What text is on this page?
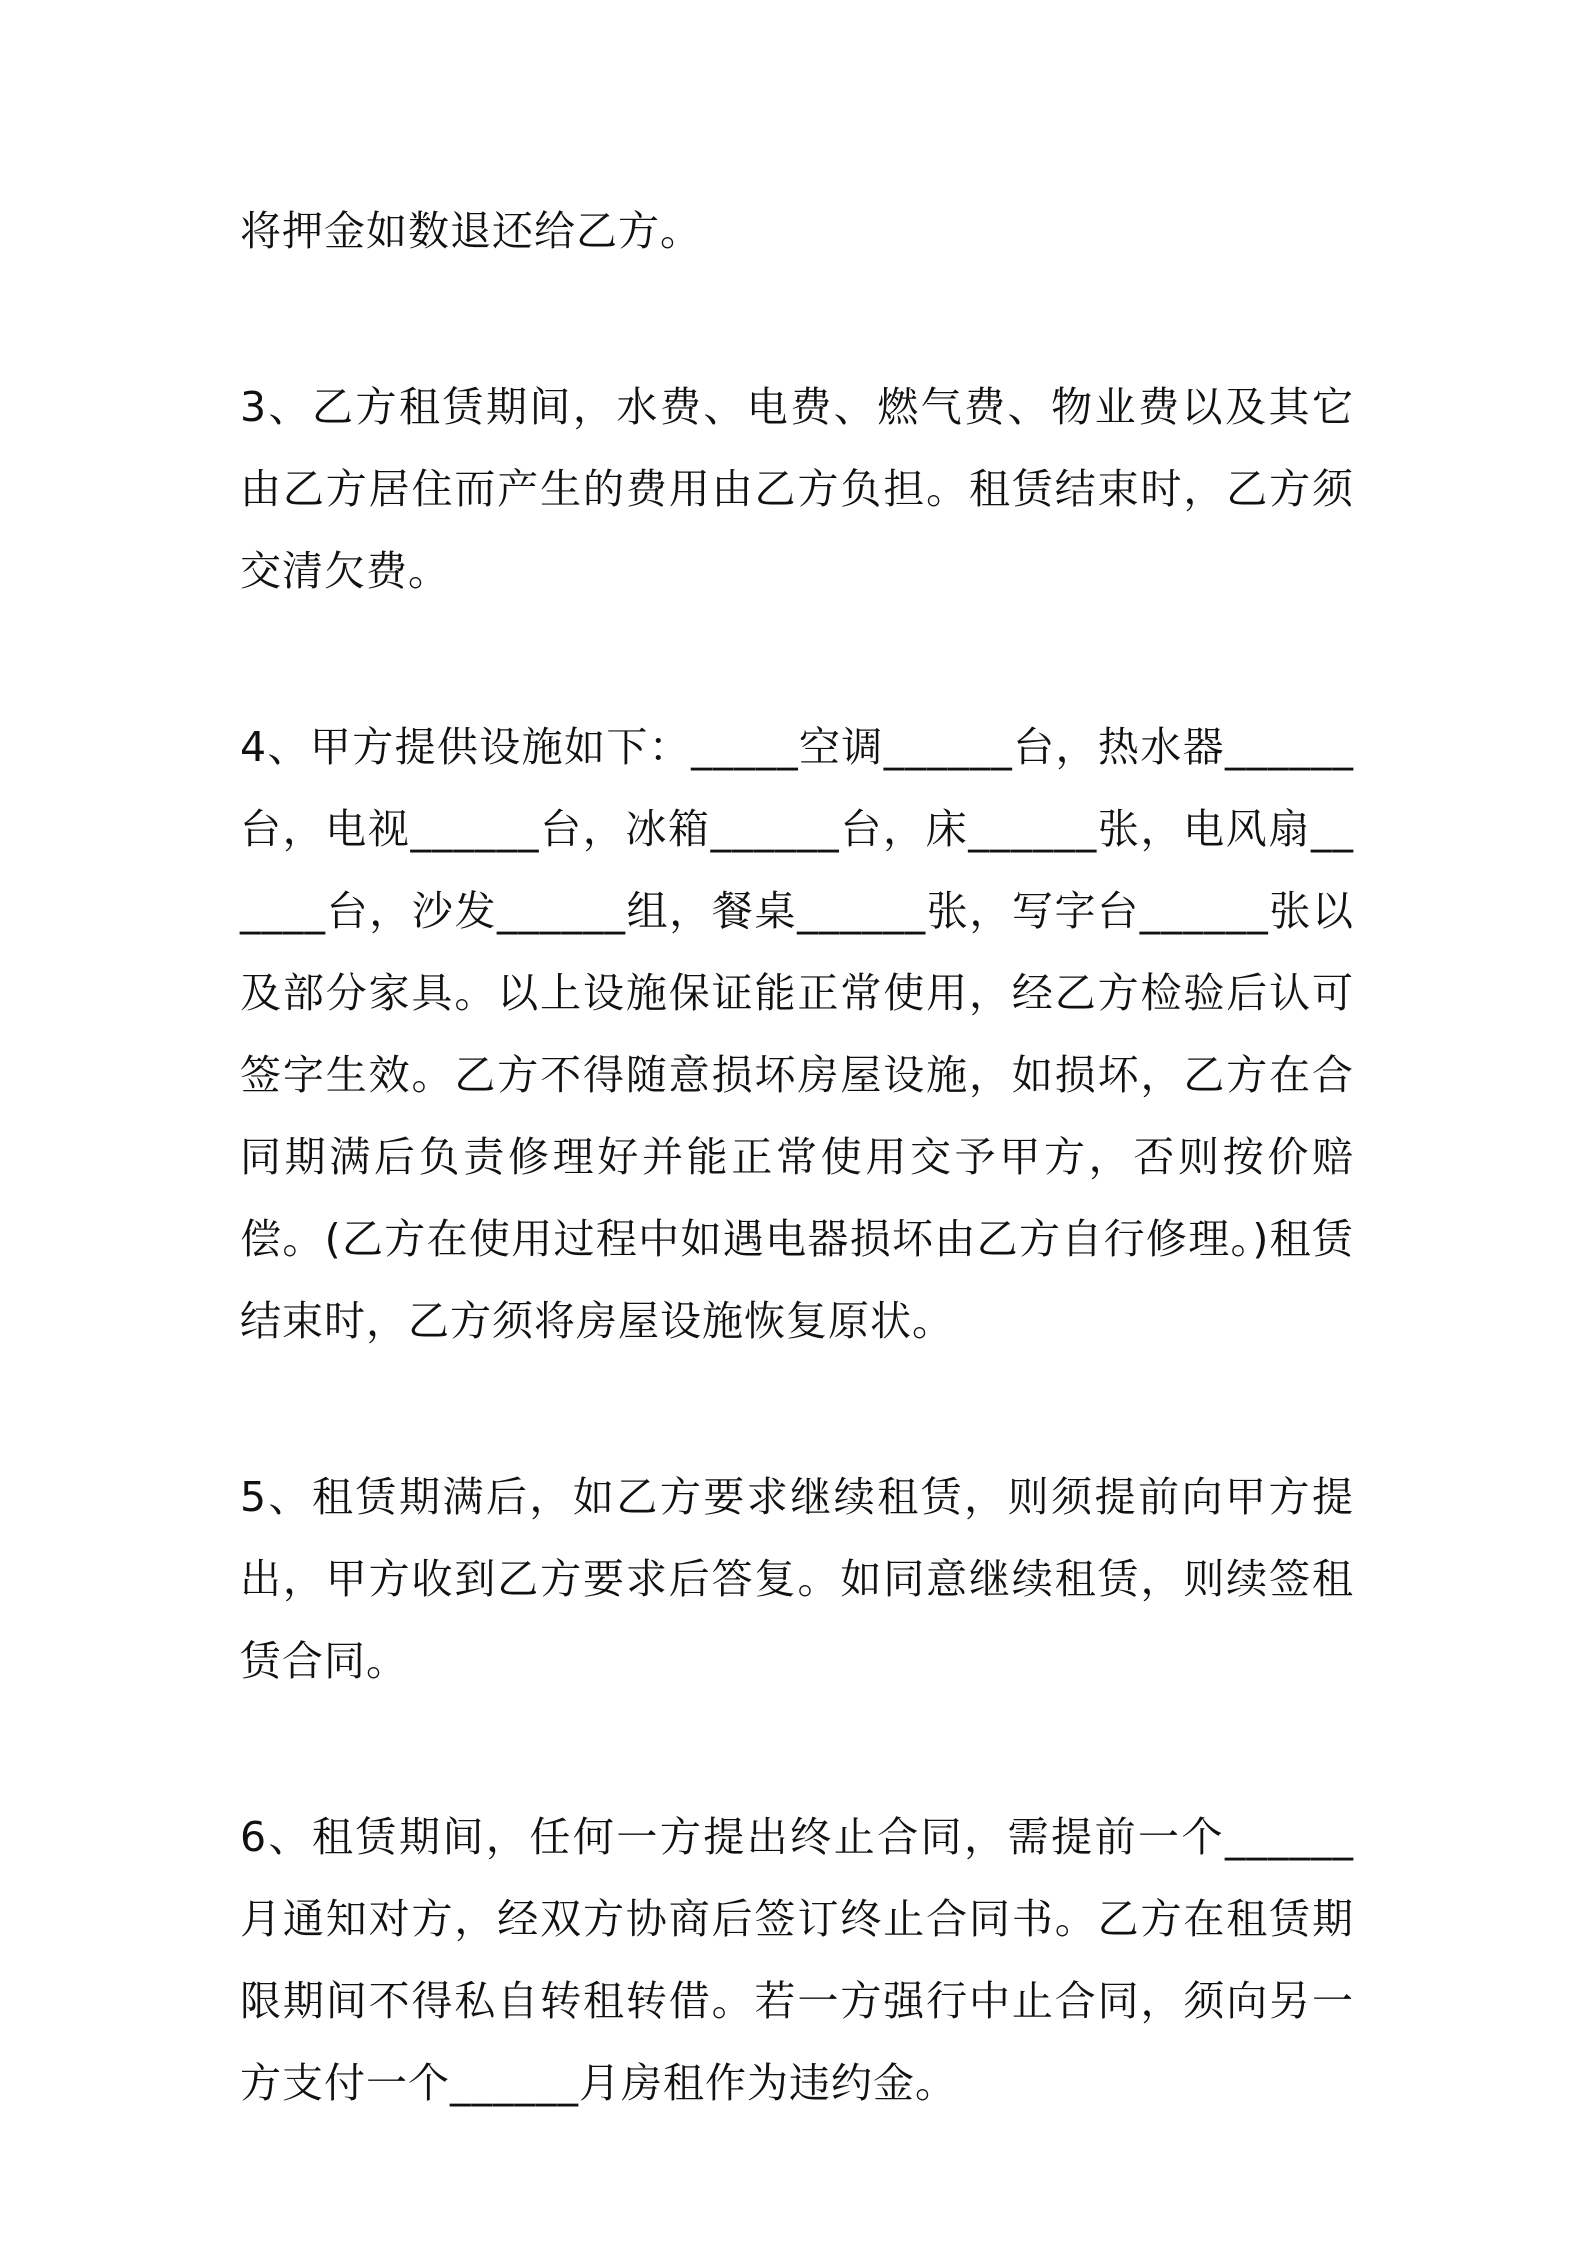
将押金如数退还给乙方。

3、乙方租赁期间，水费、电费、燃气费、物业费以及其它由乙方居住而产生的费用由乙方负担。租赁结束时，乙方须交清欠费。

4、甲方提供设施如下：_____空调______台，热水器______台，电视______台，冰箱______台，床______张，电风扇______台，沙发______组，餐桌______张，写字台______张以及部分家具。以上设施保证能正常使用，经乙方检验后认可签字生效。乙方不得随意损坏房屋设施，如损坏，乙方在合同期满后负责修理好并能正常使用交予甲方，否则按价赔偿。(乙方在使用过程中如遇电器损坏由乙方自行修理。)租赁结束时，乙方须将房屋设施恢复原状。

5、租赁期满后，如乙方要求继续租赁，则须提前向甲方提出，甲方收到乙方要求后答复。如同意继续租赁，则续签租赁合同。

6、租赁期间，任何一方提出终止合同，需提前一个______月通知对方，经双方协商后签订终止合同书。乙方在租赁期限期间不得私自转租转借。若一方强行中止合同，须向另一方支付一个______月房租作为违约金。
